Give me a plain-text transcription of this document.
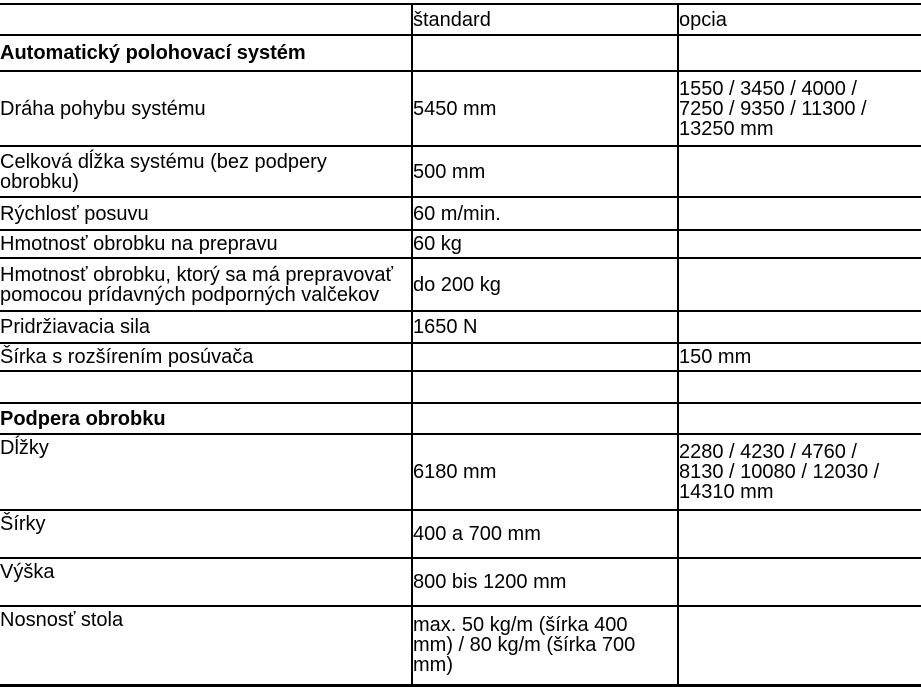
	štandard	opcia
Automatický polohovací systém		
Dráha pohybu systému	5450 mm	1550 / 3450 / 4000 /
7250 / 9350 / 11300 /
13250 mm

Celková dĺžka systému (bez podpery
obrobku)	500 mm	
Rýchlosť posuvu	60 m/min.	
Hmotnosť obrobku na prepravu	60 kg	

Hmotnosť obrobku, ktorý sa má prepravovať
pomocou prídavných podporných valčekov	do 200 kg	
Pridržiavacia sila	1650 N	
Šírka s rozšírením posúvača		150 mm

Podpera obrobku		
Dĺžky	6180 mm	2280 / 4230 / 4760 /
8130 / 10080 / 12030 /
14310 mm

Šírky	400 a 700 mm	
Výška	800 bis 1200 mm	
Nosnosť stola	max. 50 kg/m (šírka 400
mm) / 80 kg/m (šírka 700
mm)	
